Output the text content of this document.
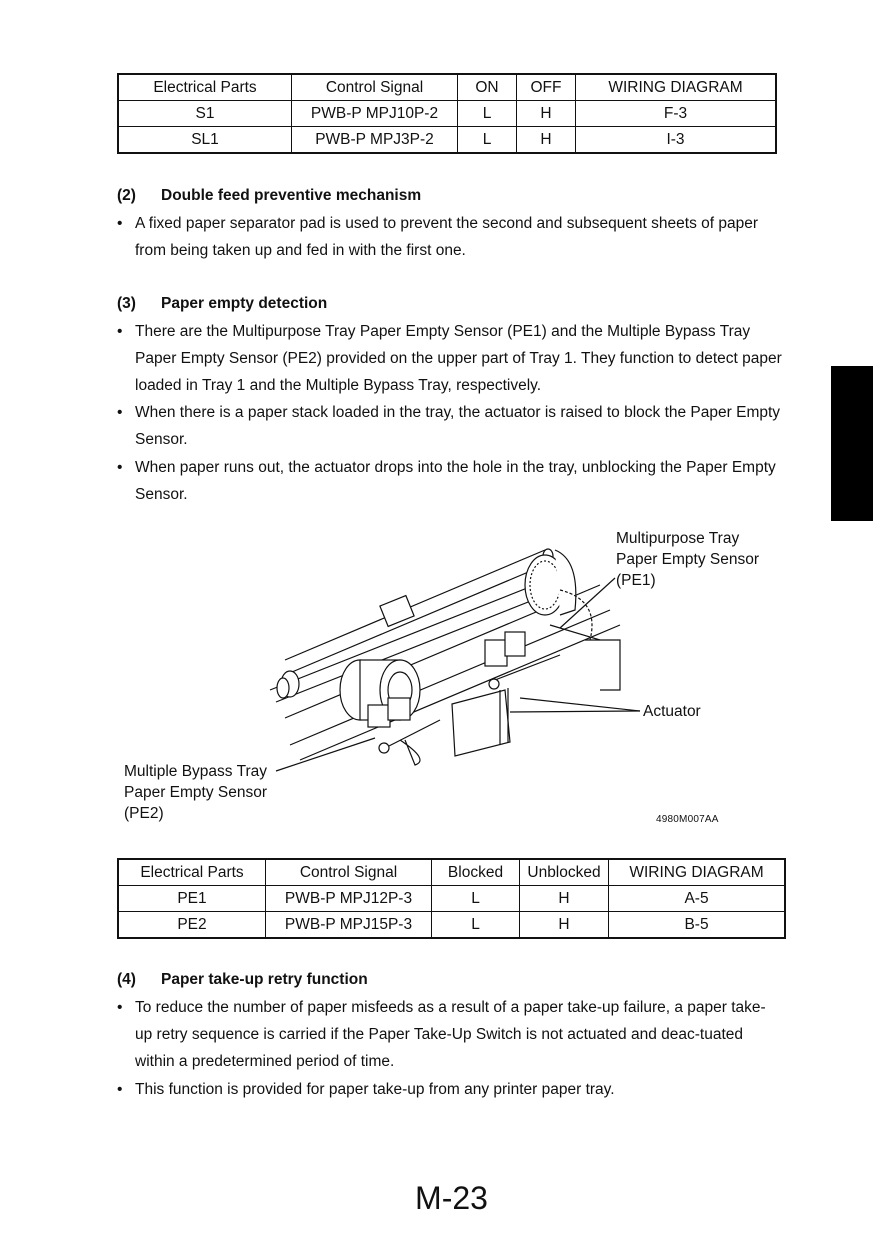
Electrical Parts	Control Signal	ON	OFF	WIRING DIAGRAM
S1	PWB-P MPJ10P-2	L	H	F-3
SL1	PWB-P MPJ3P-2	L	H	I-3
(2) Double feed preventive mechanism
• A fixed paper separator pad is used to prevent the second and subsequent sheets of paper from being taken up and fed in with the first one.
(3) Paper empty detection
• There are the Multipurpose Tray Paper Empty Sensor (PE1) and the Multiple Bypass Tray Paper Empty Sensor (PE2) provided on the upper part of Tray 1. They function to detect paper loaded in Tray 1 and the Multiple Bypass Tray, respectively.
• When there is a paper stack loaded in the tray, the actuator is raised to block the Paper Empty Sensor.
• When paper runs out, the actuator drops into the hole in the tray, unblocking the Paper Empty Sensor.
Multipurpose Tray
Paper Empty Sensor
(PE1)
Actuator
Multiple Bypass Tray
Paper Empty Sensor
(PE2)	4980M007AA
Electrical Parts	Control Signal	Blocked	Unblocked	WIRING DIAGRAM
PE1	PWB-P MPJ12P-3	L	H	A-5
PE2	PWB-P MPJ15P-3	L	H	B-5
(4) Paper take-up retry function
• To reduce the number of paper misfeeds as a result of a paper take-up failure, a paper take-up retry sequence is carried if the Paper Take-Up Switch is not actuated and deac-tuated within a predetermined period of time.
• This function is provided for paper take-up from any printer paper tray.
M-23
